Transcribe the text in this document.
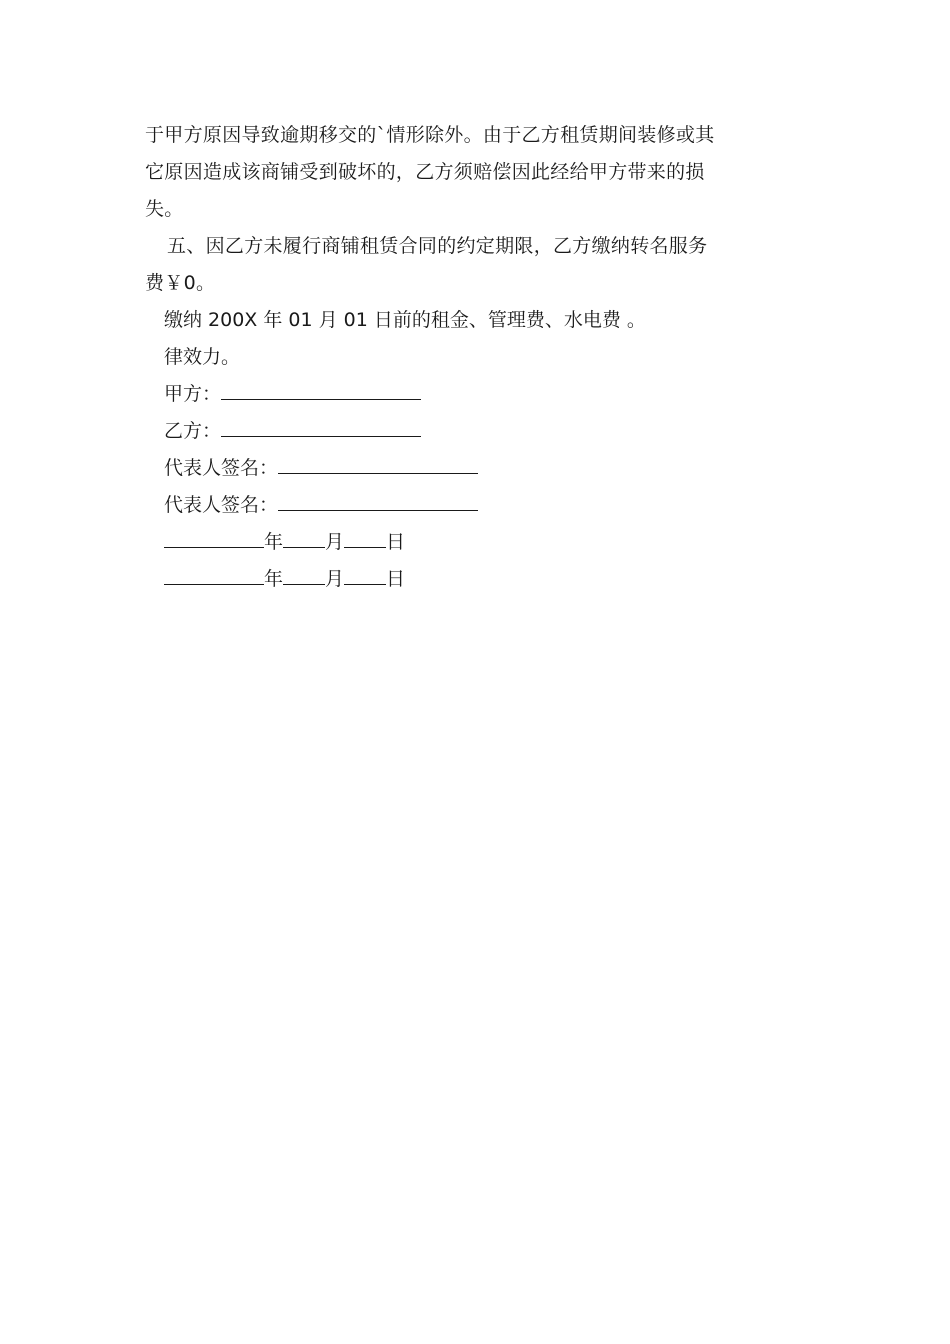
于甲方原因导致逾期移交的`情形除外。由于乙方租赁期间装修或其
它原因造成该商铺受到破坏的，乙方须赔偿因此经给甲方带来的损
失。
五、因乙方未履行商铺租赁合同的约定期限，乙方缴纳转名服务
费￥0。
缴纳 200X 年 01 月 01 日前的租金、管理费、水电费 。
律效力。
甲方：
乙方：
代表人签名：
代表人签名：
年 月 日
年 月 日
